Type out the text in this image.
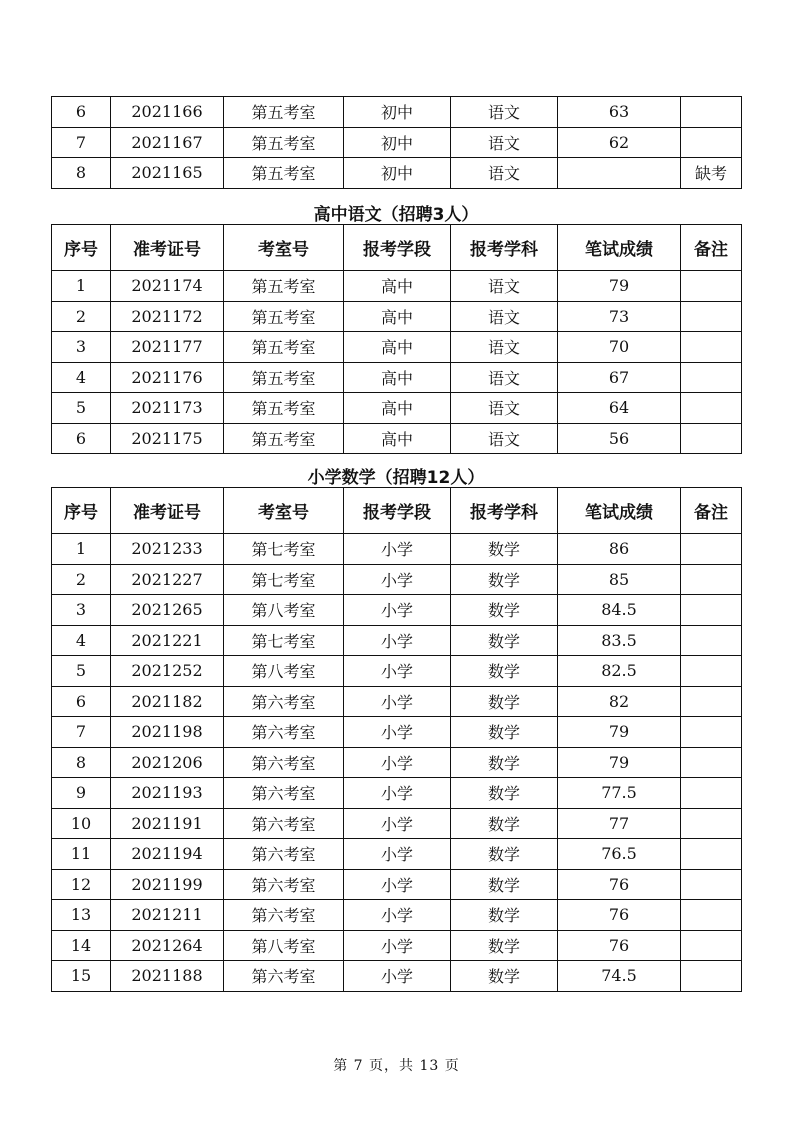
6	2021166	第五考室	初中	语文	63	
7	2021167	第五考室	初中	语文	62	
8	2021165	第五考室	初中	语文		缺考
高中语文（招聘3人）
序号	准考证号	考室号	报考学段	报考学科	笔试成绩	备注
1	2021174	第五考室	高中	语文	79	
2	2021172	第五考室	高中	语文	73	
3	2021177	第五考室	高中	语文	70	
4	2021176	第五考室	高中	语文	67	
5	2021173	第五考室	高中	语文	64	
6	2021175	第五考室	高中	语文	56	
小学数学（招聘12人）
序号	准考证号	考室号	报考学段	报考学科	笔试成绩	备注
1	2021233	第七考室	小学	数学	86	
2	2021227	第七考室	小学	数学	85	
3	2021265	第八考室	小学	数学	84.5	
4	2021221	第七考室	小学	数学	83.5	
5	2021252	第八考室	小学	数学	82.5	
6	2021182	第六考室	小学	数学	82	
7	2021198	第六考室	小学	数学	79	
8	2021206	第六考室	小学	数学	79	
9	2021193	第六考室	小学	数学	77.5	
10	2021191	第六考室	小学	数学	77	
11	2021194	第六考室	小学	数学	76.5	
12	2021199	第六考室	小学	数学	76	
13	2021211	第六考室	小学	数学	76	
14	2021264	第八考室	小学	数学	76	
15	2021188	第六考室	小学	数学	74.5	
第 7 页，共 13 页
